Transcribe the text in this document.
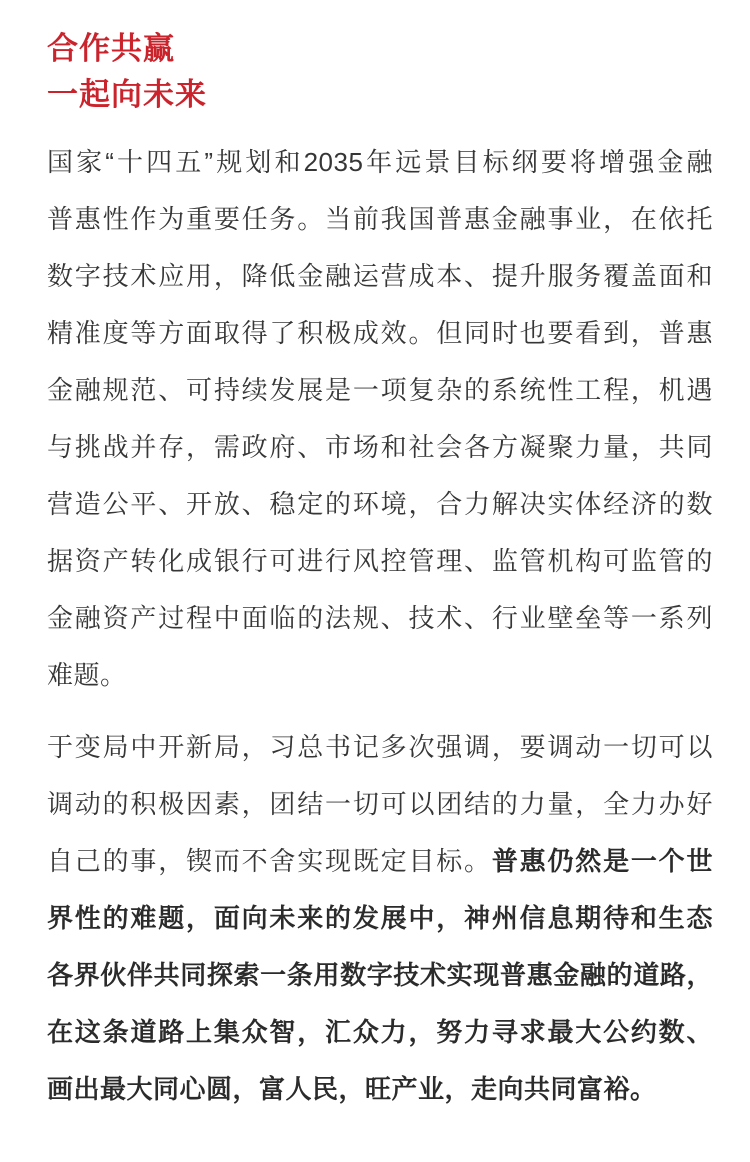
合作共赢
一起向未来
国家“十四五”规划和2035年远景目标纲要将增强金融
普惠性作为重要任务。当前我国普惠金融事业，在依托
数字技术应用，降低金融运营成本、提升服务覆盖面和
精准度等方面取得了积极成效。但同时也要看到，普惠
金融规范、可持续发展是一项复杂的系统性工程，机遇
与挑战并存，需政府、市场和社会各方凝聚力量，共同
营造公平、开放、稳定的环境，合力解决实体经济的数
据资产转化成银行可进行风控管理、监管机构可监管的
金融资产过程中面临的法规、技术、行业壁垒等一系列
难题。
于变局中开新局，习总书记多次强调，要调动一切可以
调动的积极因素，团结一切可以团结的力量，全力办好
自己的事，锲而不舍实现既定目标。普惠仍然是一个世
界性的难题，面向未来的发展中，神州信息期待和生态
各界伙伴共同探索一条用数字技术实现普惠金融的道路，
在这条道路上集众智，汇众力，努力寻求最大公约数、
画出最大同心圆，富人民，旺产业，走向共同富裕。
